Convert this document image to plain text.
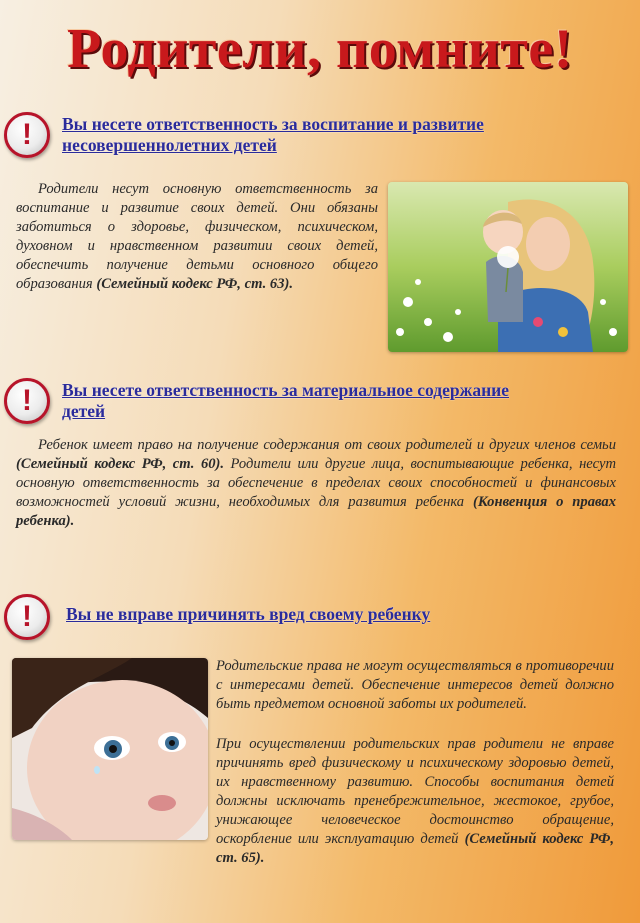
Родители, помните!
!	Вы несете ответственность за воспитание и развитие
несовершеннолетних детей
Родители несут основную ответственность за воспитание и развитие своих детей. Они обязаны заботиться о здоровье, физическом, психическом, духовном и нравственном развитии своих детей, обеспечить получение детьми основного общего образования (Семейный кодекс РФ, ст. 63).
!	Вы несете ответственность за материальное содержание
детей
Ребенок имеет право на получение содержания от своих родителей и других членов семьи (Семейный кодекс РФ, ст. 60). Родители или другие лица, воспитывающие ребенка, несут основную ответственность за обеспечение в пределах своих способностей и финансовых возможностей условий жизни, необходимых для развития ребенка (Конвенция о правах ребенка).
!	Вы не вправе причинять вред своему ребенку
Родительские права не могут осуществляться в противоречии с интересами детей. Обеспечение интересов детей должно быть предметом основной заботы их родителей.
При осуществлении родительских прав родители не вправе причинять вред физическому и психическому здоровью детей, их нравственному развитию. Способы воспитания детей должны исключать пренебрежительное, жестокое, грубое, унижающее человеческое достоинство обращение, оскорбление или эксплуатацию детей (Семейный кодекс РФ, ст. 65).
